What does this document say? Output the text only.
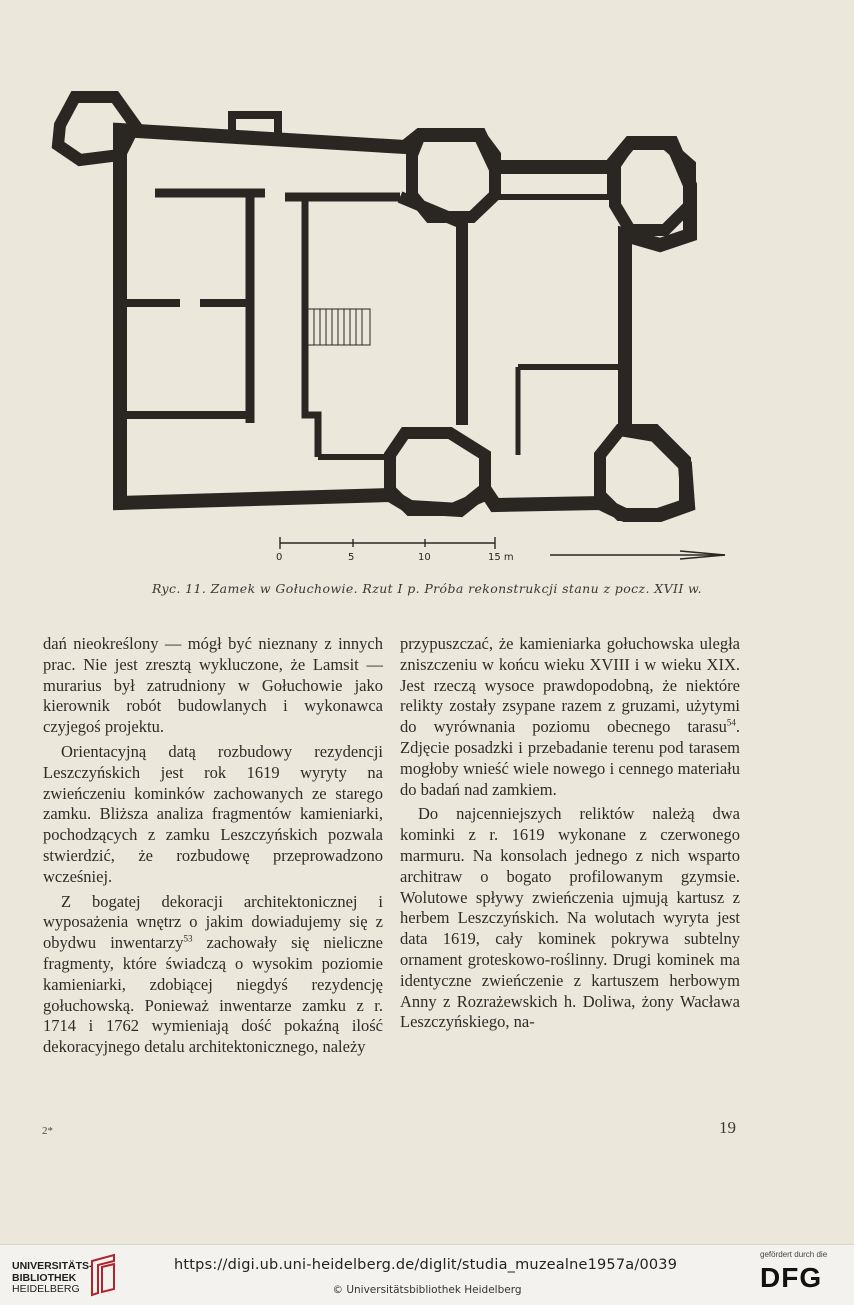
0	5	10	15 m
Ryc. 11. Zamek w Gołuchowie. Rzut I p. Próba rekonstrukcji stanu z pocz. XVII w.

dań nieokreślony — mógł być nieznany z innych prac. Nie jest zresztą wykluczone, że Lamsit — murarius był zatrudniony w Gołuchowie jako kierownik robót budowlanych i wykonawca czyjegoś projektu.

Orientacyjną datą rozbudowy rezydencji Leszczyńskich jest rok 1619 wyryty na zwieńczeniu kominków zachowanych ze starego zamku. Bliższa analiza fragmentów kamieniarki, pochodzących z zamku Leszczyńskich pozwala stwierdzić, że rozbudowę przeprowadzono wcześniej.

Z bogatej dekoracji architektonicznej i wyposażenia wnętrz o jakim dowiadujemy się z obydwu inwentarzy$^{53}$ zachowały się nieliczne fragmenty, które świadczą o wysokim poziomie kamieniarki, zdobiącej niegdyś rezydencję gołuchowską. Ponieważ inwentarze zamku z r. 1714 i 1762 wymieniają dość pokaźną ilość dekoracyjnego detalu architektonicznego, należy

przypuszczać, że kamieniarka gołuchowska uległa zniszczeniu w końcu wieku XVIII i w wieku XIX. Jest rzeczą wysoce prawdopodobną, że niektóre relikty zostały zsypane razem z gruzami, użytymi do wyrównania poziomu obecnego tarasu$^{54}$. Zdjęcie posadzki i przebadanie terenu pod tarasem mogłoby wnieść wiele nowego i cennego materiału do badań nad zamkiem.

Do najcenniejszych reliktów należą dwa kominki z r. 1619 wykonane z czerwonego marmuru. Na konsolach jednego z nich wsparto architraw o bogato profilowanym gzymsie. Wolutowe spływy zwieńczenia ujmują kartusz z herbem Leszczyńskich. Na wolutach wyryta jest data 1619, cały kominek pokrywa subtelny ornament groteskowo-roślinny. Drugi kominek ma identyczne zwieńczenie z kartuszem herbowym Anny z Rozrażewskich h. Doliwa, żony Wacława Leszczyńskiego, na-

2*	19
UNIVERSITÄTS-
BIBLIOTHEK
HEIDELBERG
https://digi.ub.uni-heidelberg.de/diglit/studia_muzealne1957a/0039
© Universitätsbibliothek Heidelberg
gefördert durch die
DFG
